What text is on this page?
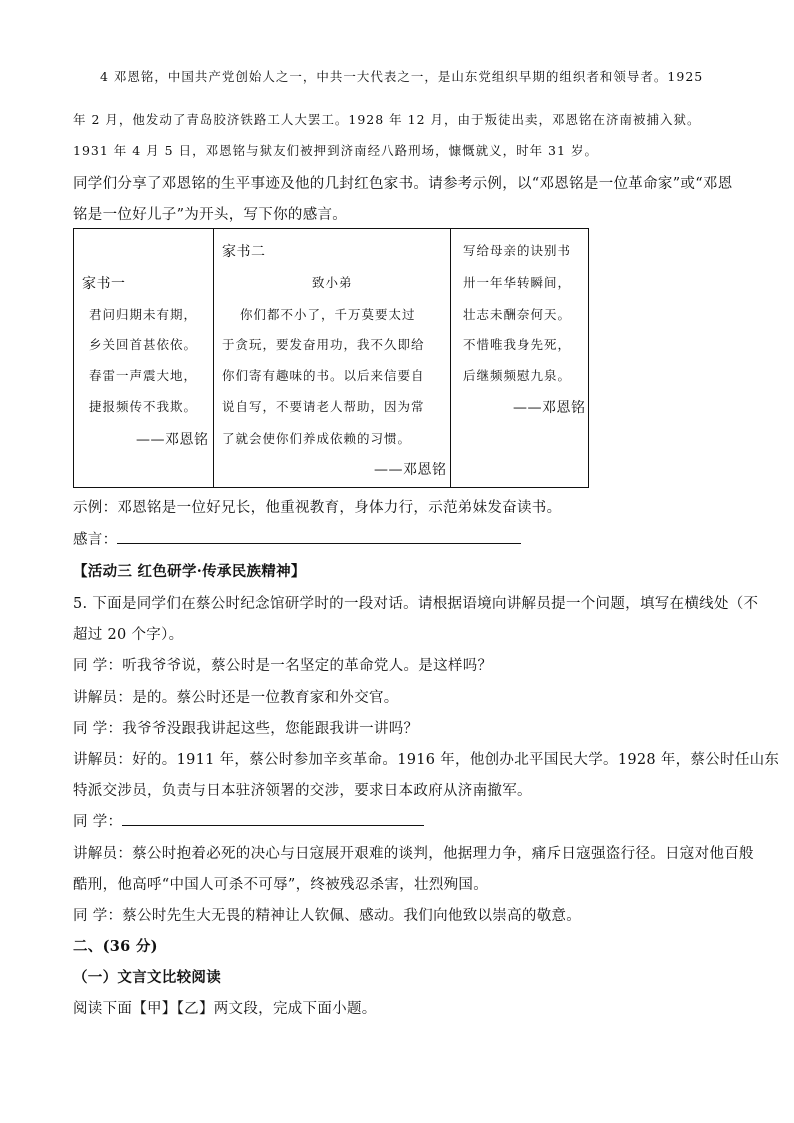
4 邓恩铭，中国共产党创始人之一，中共一大代表之一，是山东党组织早期的组织者和领导者。1925
年 2 月，他发动了青岛胶济铁路工人大罢工。1928 年 12 月，由于叛徒出卖，邓恩铭在济南被捕入狱。
1931 年 4 月 5 日，邓恩铭与狱友们被押到济南经八路刑场，慷慨就义，时年 31 岁。
同学们分享了邓恩铭的生平事迹及他的几封红色家书。请参考示例，以“邓恩铭是一位革命家”或“邓恩
铭是一位好儿子”为开头，写下你的感言。
家书一
君问归期未有期，
乡关回首甚依依。
春雷一声震大地，
捷报频传不我欺。
——邓恩铭
家书二
致小弟
你们都不小了，千万莫要太过
于贪玩，要发奋用功，我不久即给
你们寄有趣味的书。以后来信要自
说自写，不要请老人帮助，因为常
了就会使你们养成依赖的习惯。
——邓恩铭
写给母亲的诀别书
卅一年华转瞬间，
壮志未酬奈何天。
不惜唯我身先死，
后继频频慰九泉。
——邓恩铭
示例：邓恩铭是一位好兄长，他重视教育，身体力行，示范弟妹发奋读书。
感言：
【活动三 红色研学·传承民族精神】
5. 下面是同学们在蔡公时纪念馆研学时的一段对话。请根据语境向讲解员提一个问题，填写在横线处（不
超过 20 个字）。
同 学：听我爷爷说，蔡公时是一名坚定的革命党人。是这样吗？
讲解员：是的。蔡公时还是一位教育家和外交官。
同 学：我爷爷没跟我讲起这些，您能跟我讲一讲吗？
讲解员：好的。1911 年，蔡公时参加辛亥革命。1916 年，他创办北平国民大学。1928 年，蔡公时任山东
特派交涉员，负责与日本驻济领署的交涉，要求日本政府从济南撤军。
同 学：
讲解员：蔡公时抱着必死的决心与日寇展开艰难的谈判，他据理力争，痛斥日寇强盗行径。日寇对他百般
酷刑，他高呼“中国人可杀不可辱”，终被残忍杀害，壮烈殉国。
同 学：蔡公时先生大无畏的精神让人钦佩、感动。我们向他致以崇高的敬意。
二、(36 分)
（一）文言文比较阅读
阅读下面【甲】【乙】两文段，完成下面小题。
